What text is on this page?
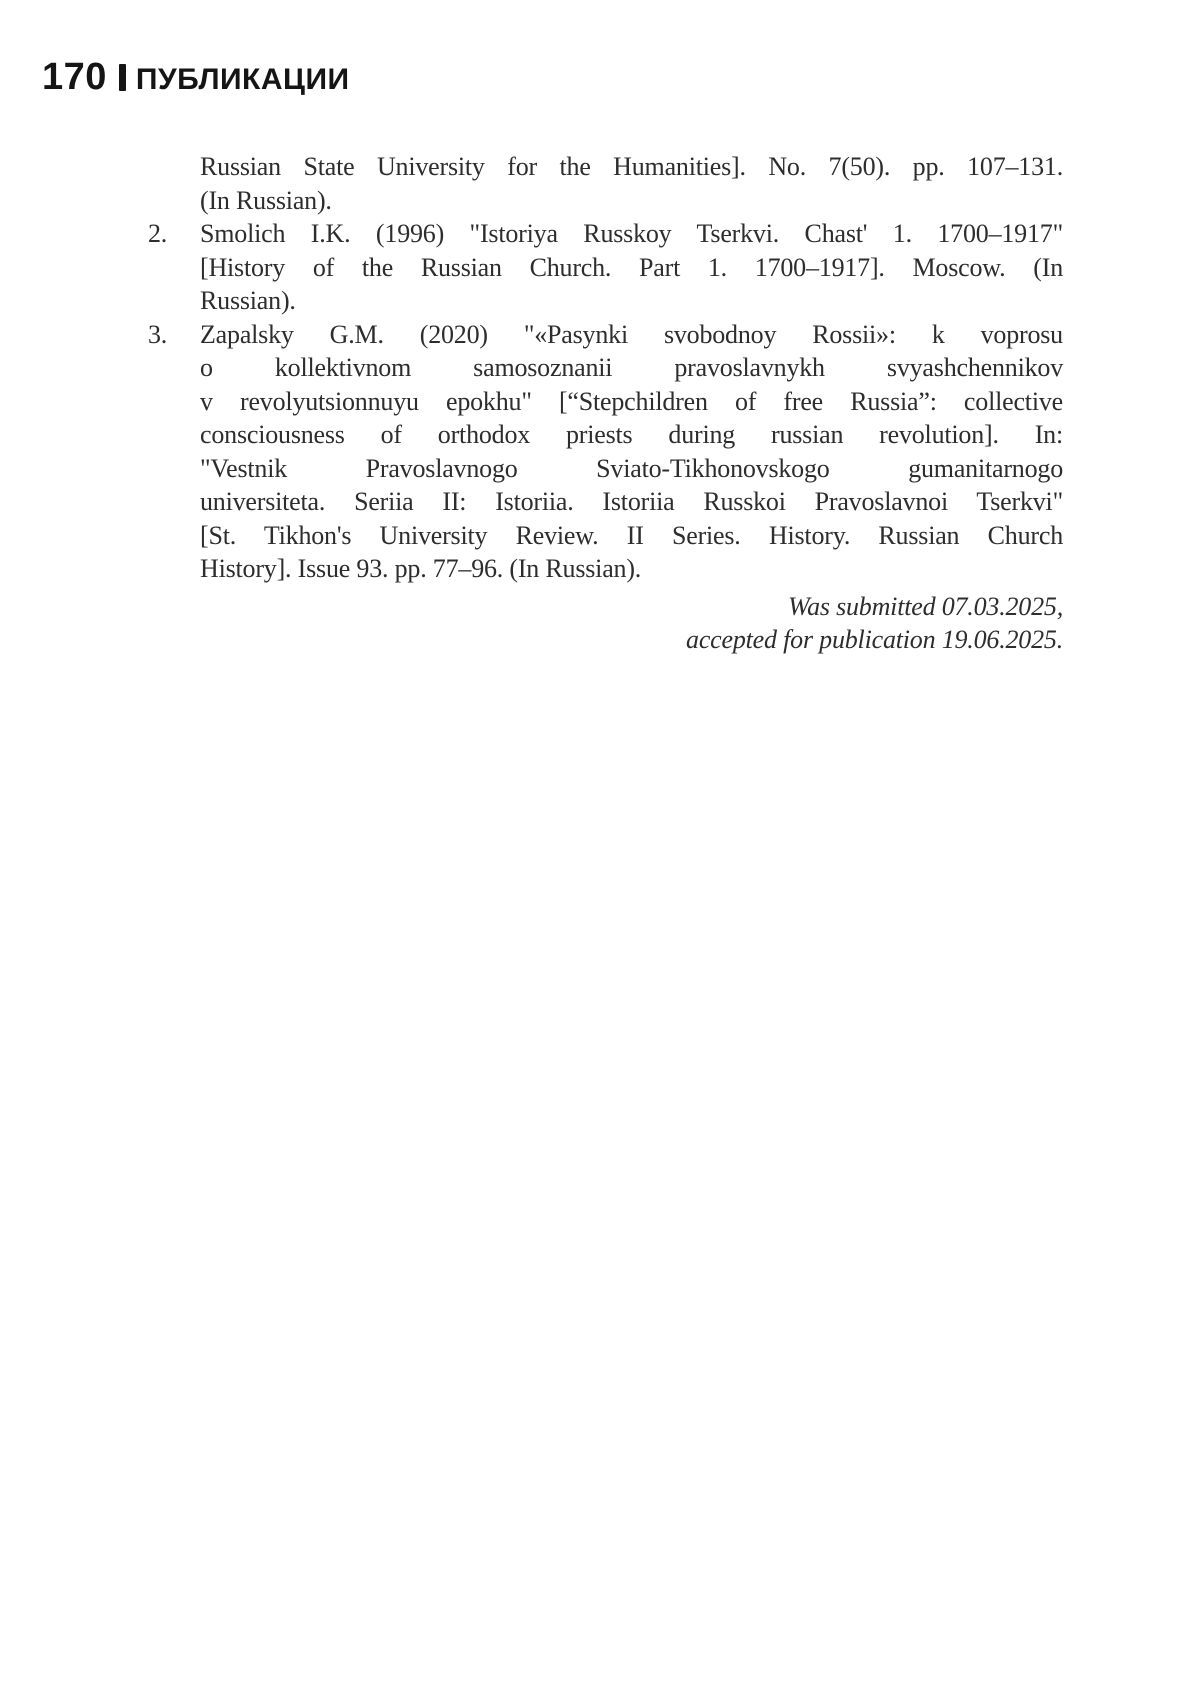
170 ПУБЛИКАЦИИ
Russian State University for the Humanities]. No. 7(50). pp. 107–131.
(In Russian).
2.	Smolich I.K. (1996) "Istoriya Russkoy Tserkvi. Chast' 1. 1700–1917"
[History of the Russian Church. Part 1. 1700–1917]. Moscow. (In
Russian).
3.	Zapalsky G.M. (2020) "«Pasynki svobodnoy Rossii»: k voprosu
o kollektivnom samosoznanii pravoslavnykh svyashchennikov
v revolyutsionnuyu epokhu" [“Stepchildren of free Russia”: collective
consciousness of orthodox priests during russian revolution]. In:
"Vestnik Pravoslavnogo Sviato-Tikhonovskogo gumanitarnogo
universiteta. Seriia II: Istoriia. Istoriia Russkoi Pravoslavnoi Tserkvi"
[St. Tikhon's University Review. II Series. History. Russian Church
History]. Issue 93. pp. 77–96. (In Russian).
Was submitted 07.03.2025,
accepted for publication 19.06.2025.
